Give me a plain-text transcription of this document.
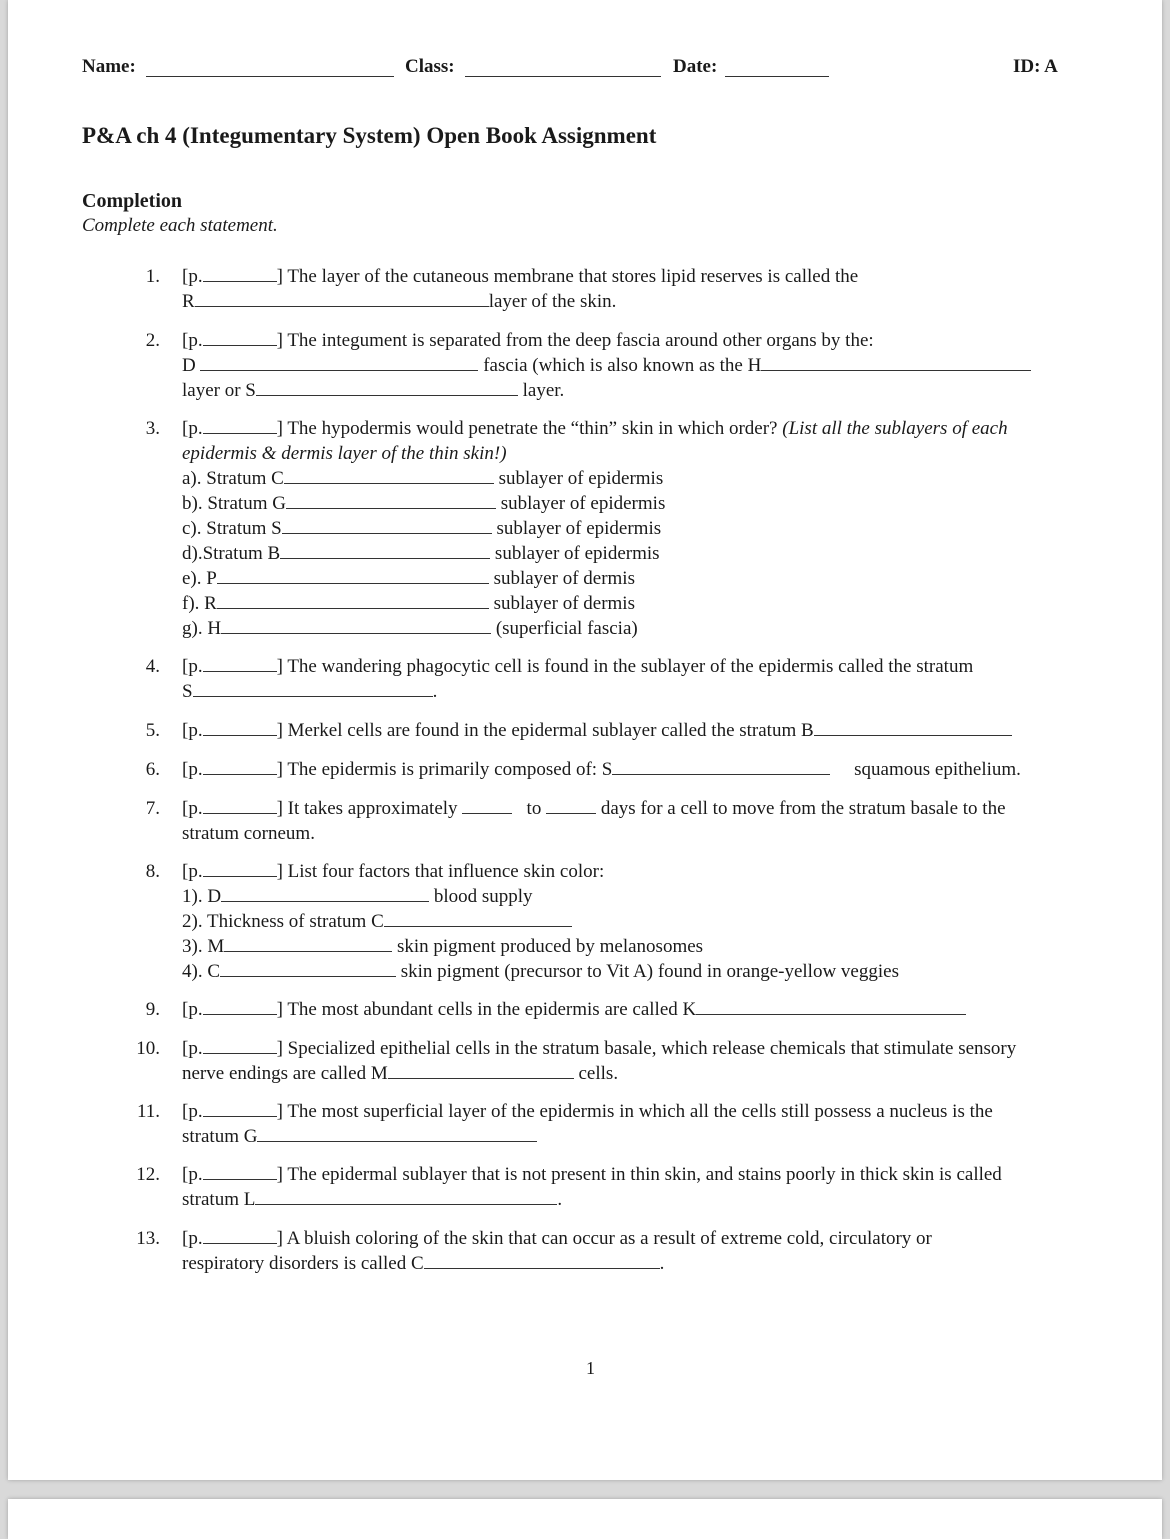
Name:	Class:	Date:	ID: A
P&A ch 4 (Integumentary System) Open Book Assignment
Completion
Complete each statement.
1. [p.	] The layer of the cutaneous membrane that stores lipid reserves is called the
R	layer of the skin.
2. [p.	] The integument is separated from the deep fascia around other organs by the:
D	fascia (which is also known as the H
layer or S	layer.
3. [p.	] The hypodermis would penetrate the “thin” skin in which order? (List all the sublayers of each
epidermis & dermis layer of the thin skin!)
a). Stratum C	sublayer of epidermis
b). Stratum G	sublayer of epidermis
c). Stratum S	sublayer of epidermis
d).Stratum B	sublayer of epidermis
e). P	sublayer of dermis
f). R	sublayer of dermis
g). H	(superficial fascia)
4. [p.	] The wandering phagocytic cell is found in the sublayer of the epidermis called the stratum
S	.
5. [p.	] Merkel cells are found in the epidermal sublayer called the stratum B
6. [p.	] The epidermis is primarily composed of: S	squamous epithelium.
7. [p.	] It takes approximately	to	days for a cell to move from the stratum basale to the
stratum corneum.
8. [p.	] List four factors that influence skin color:
1). D	blood supply
2). Thickness of stratum C
3). M	skin pigment produced by melanosomes
4). C	skin pigment (precursor to Vit A) found in orange-yellow veggies
9. [p.	] The most abundant cells in the epidermis are called K
10. [p.	] Specialized epithelial cells in the stratum basale, which release chemicals that stimulate sensory
nerve endings are called M	cells.
11. [p.	] The most superficial layer of the epidermis in which all the cells still possess a nucleus is the
stratum G
12. [p.	] The epidermal sublayer that is not present in thin skin, and stains poorly in thick skin is called
stratum L	.
13. [p.	] A bluish coloring of the skin that can occur as a result of extreme cold, circulatory or
respiratory disorders is called C	.
1
